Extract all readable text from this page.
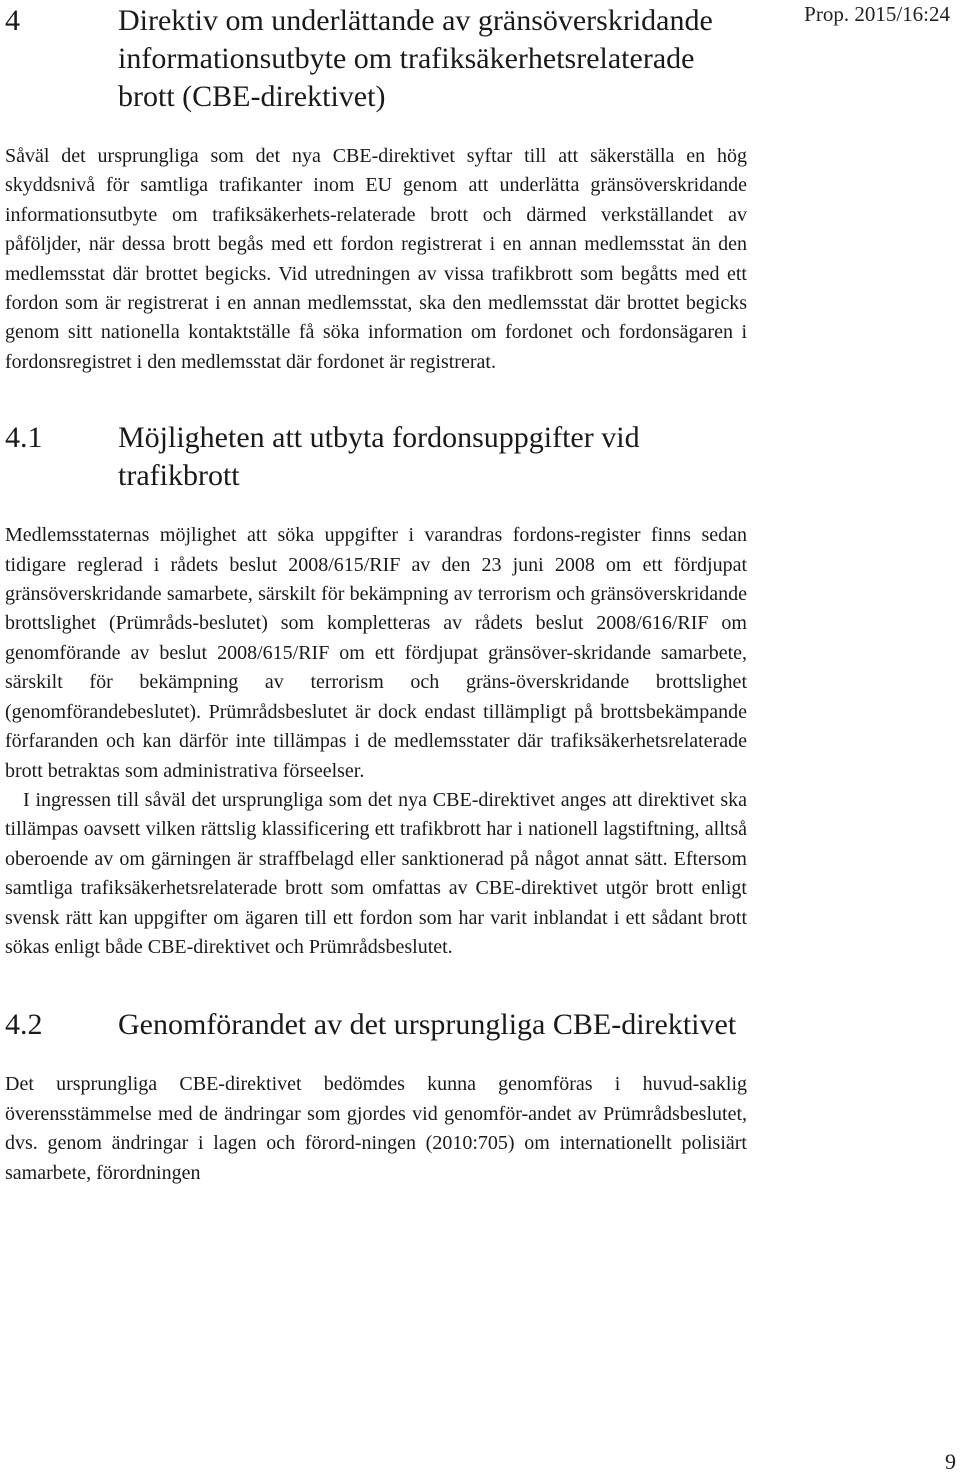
Prop. 2015/16:24
4	Direktiv om underlättande av gränsöverskridande informationsutbyte om trafiksäkerhetsrelaterade brott (CBE-direktivet)

Såväl det ursprungliga som det nya CBE-direktivet syftar till att säkerställa en hög skyddsnivå för samtliga trafikanter inom EU genom att underlätta gränsöverskridande informationsutbyte om trafiksäkerhets-relaterade brott och därmed verkställandet av påföljder, när dessa brott begås med ett fordon registrerat i en annan medlemsstat än den medlemsstat där brottet begicks. Vid utredningen av vissa trafikbrott som begåtts med ett fordon som är registrerat i en annan medlemsstat, ska den medlemsstat där brottet begicks genom sitt nationella kontaktställe få söka information om fordonet och fordonsägaren i fordonsregistret i den medlemsstat där fordonet är registrerat.

4.1	Möjligheten att utbyta fordonsuppgifter vid trafikbrott

Medlemsstaternas möjlighet att söka uppgifter i varandras fordons-register finns sedan tidigare reglerad i rådets beslut 2008/615/RIF av den 23 juni 2008 om ett fördjupat gränsöverskridande samarbete, särskilt för bekämpning av terrorism och gränsöverskridande brottslighet (Prümråds-beslutet) som kompletteras av rådets beslut 2008/616/RIF om genomförande av beslut 2008/615/RIF om ett fördjupat gränsöver-skridande samarbete, särskilt för bekämpning av terrorism och gräns-överskridande brottslighet (genomförandebeslutet). Prümrådsbeslutet är dock endast tillämpligt på brottsbekämpande förfaranden och kan därför inte tillämpas i de medlemsstater där trafiksäkerhetsrelaterade brott betraktas som administrativa förseelser.

I ingressen till såväl det ursprungliga som det nya CBE-direktivet anges att direktivet ska tillämpas oavsett vilken rättslig klassificering ett trafikbrott har i nationell lagstiftning, alltså oberoende av om gärningen är straffbelagd eller sanktionerad på något annat sätt. Eftersom samtliga trafiksäkerhetsrelaterade brott som omfattas av CBE-direktivet utgör brott enligt svensk rätt kan uppgifter om ägaren till ett fordon som har varit inblandat i ett sådant brott sökas enligt både CBE-direktivet och Prümrådsbeslutet.

4.2	Genomförandet av det ursprungliga CBE-direktivet

Det ursprungliga CBE-direktivet bedömdes kunna genomföras i huvud-saklig överensstämmelse med de ändringar som gjordes vid genomför-andet av Prümrådsbeslutet, dvs. genom ändringar i lagen och förord-ningen (2010:705) om internationellt polisiärt samarbete, förordningen

9
